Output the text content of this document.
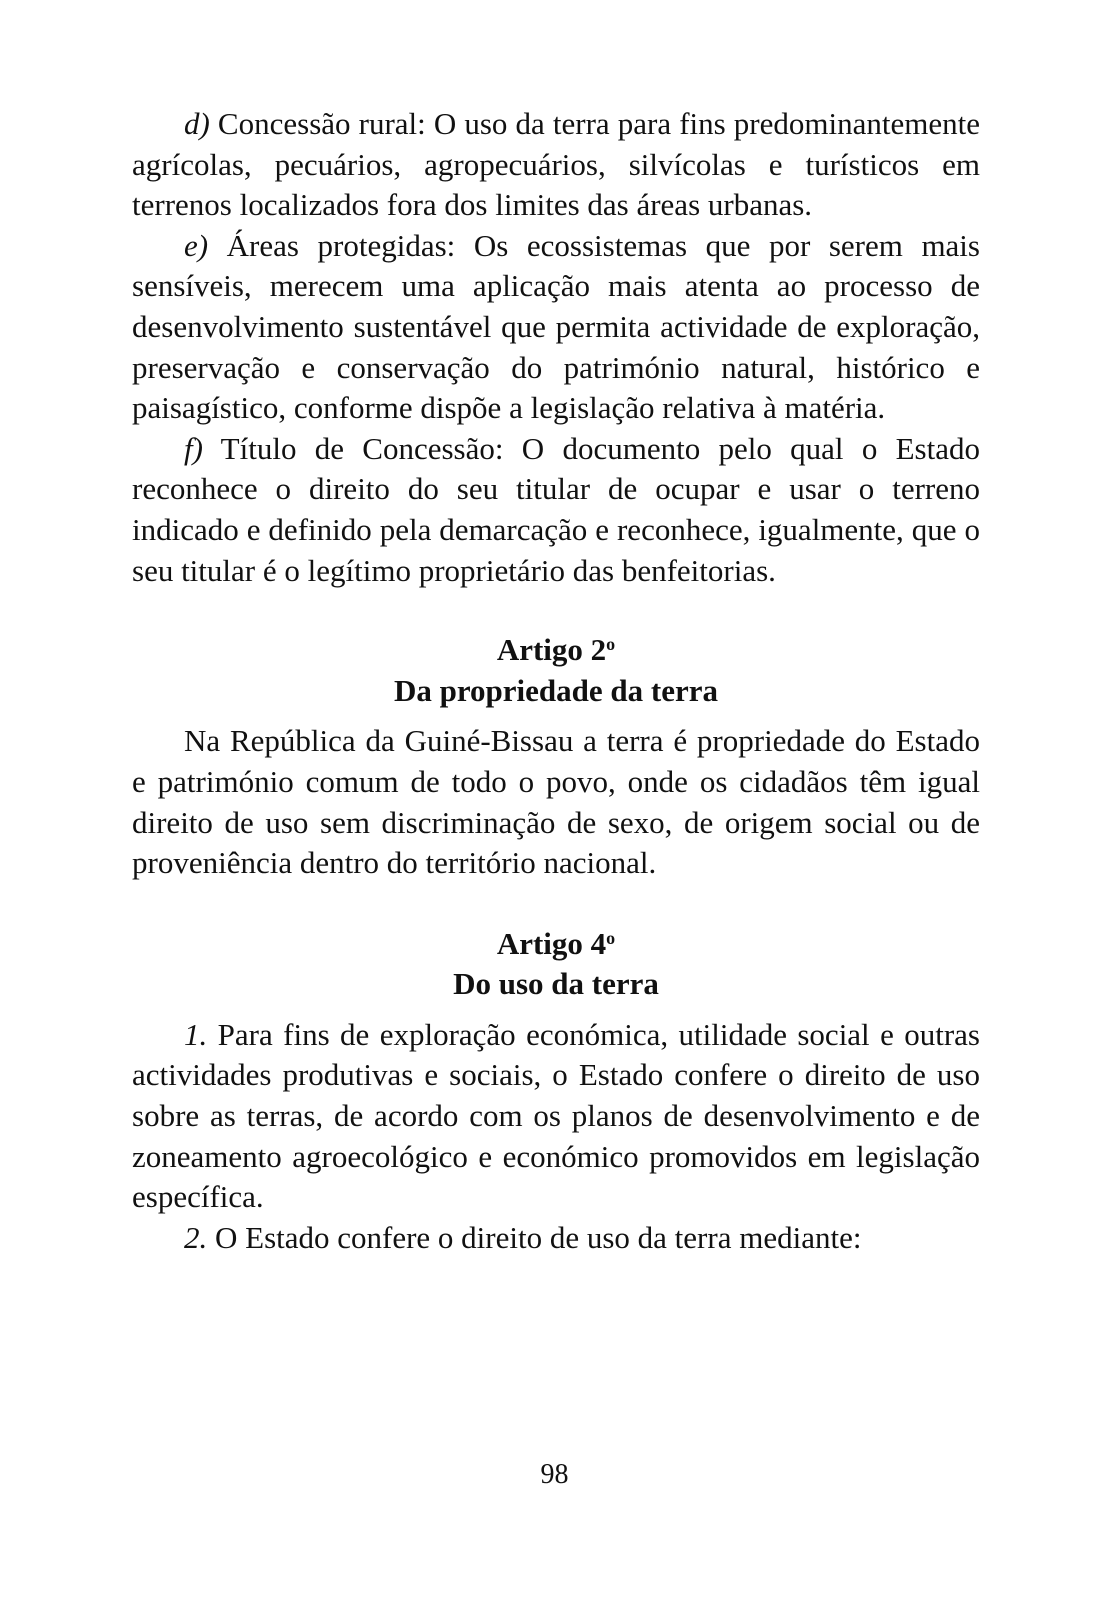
d) Concessão rural: O uso da terra para fins predominantemente agrícolas, pecuários, agropecuários, silvícolas e turísticos em terrenos localizados fora dos limites das áreas urbanas.

e) Áreas protegidas: Os ecossistemas que por serem mais sensíveis, merecem uma aplicação mais atenta ao processo de desenvolvimento sustentável que permita actividade de exploração, preservação e conservação do património natural, histórico e paisagístico, conforme dispõe a legislação relativa à matéria.

f) Título de Concessão: O documento pelo qual o Estado reconhece o direito do seu titular de ocupar e usar o terreno indicado e definido pela demarcação e reconhece, igualmente, que o seu titular é o legítimo proprietário das benfeitorias.

Artigo 2$^o$

Da propriedade da terra

Na República da Guiné-Bissau a terra é propriedade do Estado e património comum de todo o povo, onde os cidadãos têm igual direito de uso sem discriminação de sexo, de origem social ou de proveniência dentro do território nacional.

Artigo 4$^o$

Do uso da terra

1. Para fins de exploração económica, utilidade social e outras actividades produtivas e sociais, o Estado confere o direito de uso sobre as terras, de acordo com os planos de desenvolvimento e de zoneamento agroecológico e económico promovidos em legislação específica.

2. O Estado confere o direito de uso da terra mediante:

98
